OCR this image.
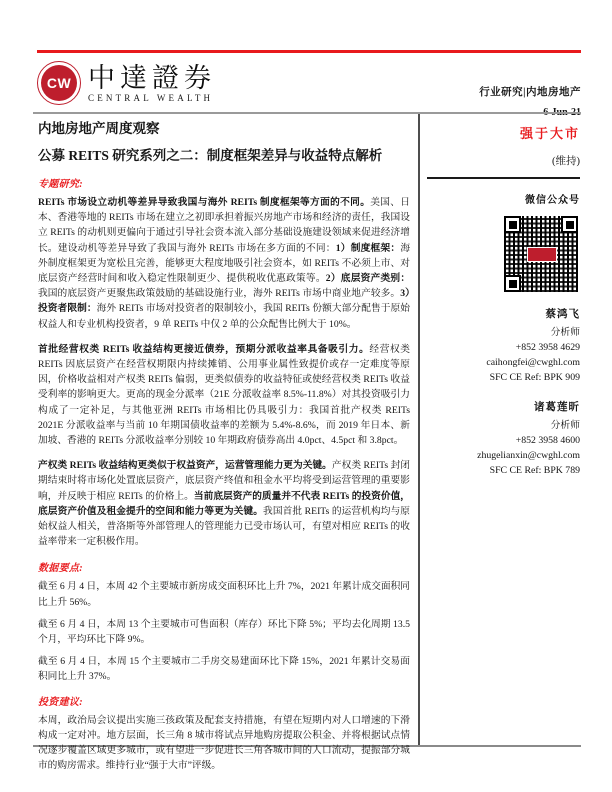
CW 中達證券
CENTRAL WEALTH	行业研究|内地房地产
内地房地产周度观察
公募 REITS 研究系列之二：制度框架差异与收益特点解析
专题研究:

REITs 市场设立动机等差异导致我国与海外 REITs 制度框架等方面的不同。美国、日本、香港等地的 REITs 市场在建立之初即承担着振兴房地产市场和经济的责任，我国设立 REITs 的动机则更偏向于通过引导社会资本流入部分基础设施建设领域来促进经济增长。建设动机等差异导致了我国与海外 REITs 市场在多方面的不同：1）制度框架：海外制度框架更为宽松且完善，能够更大程度地吸引社会资本，如 REITs 不必须上市、对底层资产经营时间和收入稳定性限制更少、提供税收优惠政策等。2）底层资产类别：我国的底层资产更聚焦政策鼓励的基础设施行业，海外 REITs 市场中商业地产较多。3）投资者限制：海外 REITs 市场对投资者的限制较小，我国 REITs 份额大部分配售于原始权益人和专业机构投资者，9 单 REITs 中仅 2 单的公众配售比例大于 10%。

首批经营权类 REITs 收益结构更接近债券，预期分派收益率具备吸引力。经营权类 REITs 因底层资产在经营权期限内持续摊销、公用事业属性致提价或存一定难度等原因，价格收益相对产权类 REITs 偏弱，更类似债券的收益特征或使经营权类 REITs 收益受利率的影响更大。更高的现金分派率（21E 分派收益率 8.5%-11.8%）对其投资吸引力构成了一定补足，与其他亚洲 REITs 市场相比仍具吸引力：我国首批产权类 REITs 2021E 分派收益率与当前 10 年期国债收益率的差额为 5.4%-8.6%，而 2019 年日本、新加坡、香港的 REITs 分派收益率分别较 10 年期政府债券高出 4.0pct、4.5pct 和 3.8pct。

产权类 REITs 收益结构更类似于权益资产，运营管理能力更为关键。产权类 REITs 封闭期结束时将市场化处置底层资产，底层资产终值和租金水平均将受到运营管理的重要影响，并反映于相应 REITs 的价格上。当前底层资产的质量并不代表 REITs 的投资价值，底层资产价值及租金提升的空间和能力等更为关键。我国首批 REITs 的运营机构均与原始权益人相关，普洛斯等外部管理人的管理能力已受市场认可，有望对相应 REITs 的收益率带来一定积极作用。

数据要点:

截至 6 月 4 日，本周 42 个主要城市新房成交面积环比上升 7%，2021 年累计成交面积同比上升 56%。

截至 6 月 4 日，本周 13 个主要城市可售面积（库存）环比下降 5%；平均去化周期 13.5 个月，平均环比下降 9%。

截至 6 月 4 日，本周 15 个主要城市二手房交易建面环比下降 15%，2021 年累计交易面积同比上升 37%。

投资建议:

本周，政治局会议提出实施三孩政策及配套支持措施，有望在短期内对人口增速的下滑构成一定对冲。地方层面，长三角 8 城市将试点异地购房提取公积金、并将根据试点情况逐步覆盖区域更多城市，或有望进一步促进长三角各城市间的人口流动，提振部分城市的购房需求。维持行业“强于大市”评级。

强于大市
(维持)
微信公众号
蔡鸿飞
分析师
+852 3958 4629
caihongfei@cwghl.com
SFC CE Ref: BPK 909
诸葛莲昕
分析师
+852 3958 4600
zhugelianxin@cwghl.com
SFC CE Ref: BPK 789
